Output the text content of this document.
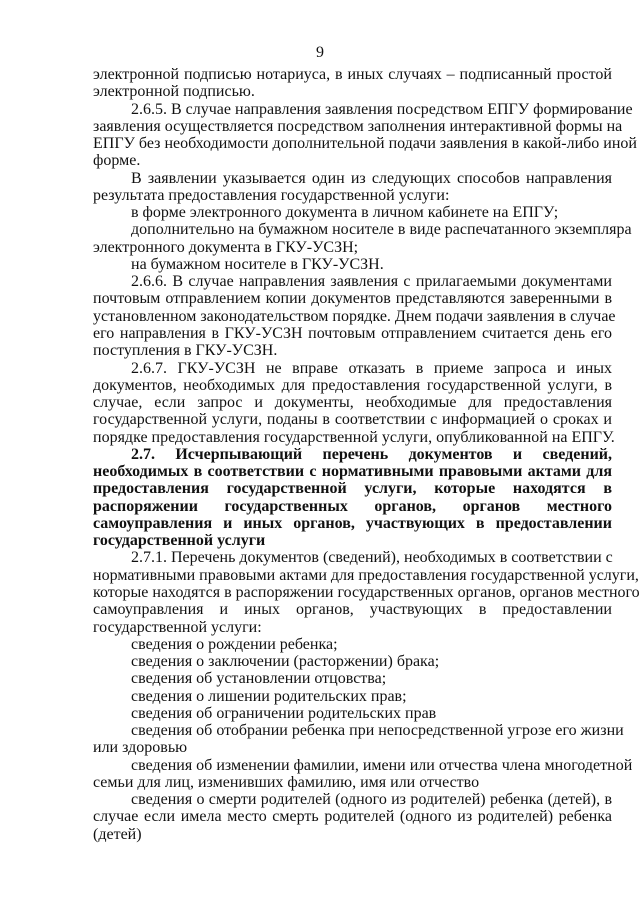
9
электронной подписью нотариуса, в иных случаях – подписанный простой
электронной подписью.
2.6.5. В случае направления заявления посредством ЕПГУ формирование
заявления осуществляется посредством заполнения интерактивной формы на
ЕПГУ без необходимости дополнительной подачи заявления в какой-либо иной
форме.
В заявлении указывается один из следующих способов направления
результата предоставления государственной услуги:
в форме электронного документа в личном кабинете на ЕПГУ;
дополнительно на бумажном носителе в виде распечатанного экземпляра
электронного документа в ГКУ-УСЗН;
на бумажном носителе в ГКУ-УСЗН.
2.6.6. В случае направления заявления с прилагаемыми документами
почтовым отправлением копии документов представляются заверенными в
установленном законодательством порядке. Днем подачи заявления в случае
его направления в ГКУ-УСЗН почтовым отправлением считается день его
поступления в ГКУ-УСЗН.
2.6.7. ГКУ-УСЗН не вправе отказать в приеме запроса и иных
документов, необходимых для предоставления государственной услуги, в
случае, если запрос и документы, необходимые для предоставления
государственной услуги, поданы в соответствии с информацией о сроках и
порядке предоставления государственной услуги, опубликованной на ЕПГУ.
2.7. Исчерпывающий перечень документов и сведений,
необходимых в соответствии с нормативными правовыми актами для
предоставления государственной услуги, которые находятся в
распоряжении государственных органов, органов местного
самоуправления и иных органов, участвующих в предоставлении
государственной услуги
2.7.1. Перечень документов (сведений), необходимых в соответствии с
нормативными правовыми актами для предоставления государственной услуги,
которые находятся в распоряжении государственных органов, органов местного
самоуправления и иных органов, участвующих в предоставлении
государственной услуги:
сведения о рождении ребенка;
сведения о заключении (расторжении) брака;
сведения об установлении отцовства;
сведения о лишении родительских прав;
сведения об ограничении родительских прав
сведения об отобрании ребенка при непосредственной угрозе его жизни
или здоровью
сведения об изменении фамилии, имени или отчества члена многодетной
семьи для лиц, изменивших фамилию, имя или отчество
сведения о смерти родителей (одного из родителей) ребенка (детей), в
случае если имела место смерть родителей (одного из родителей) ребенка
(детей)
